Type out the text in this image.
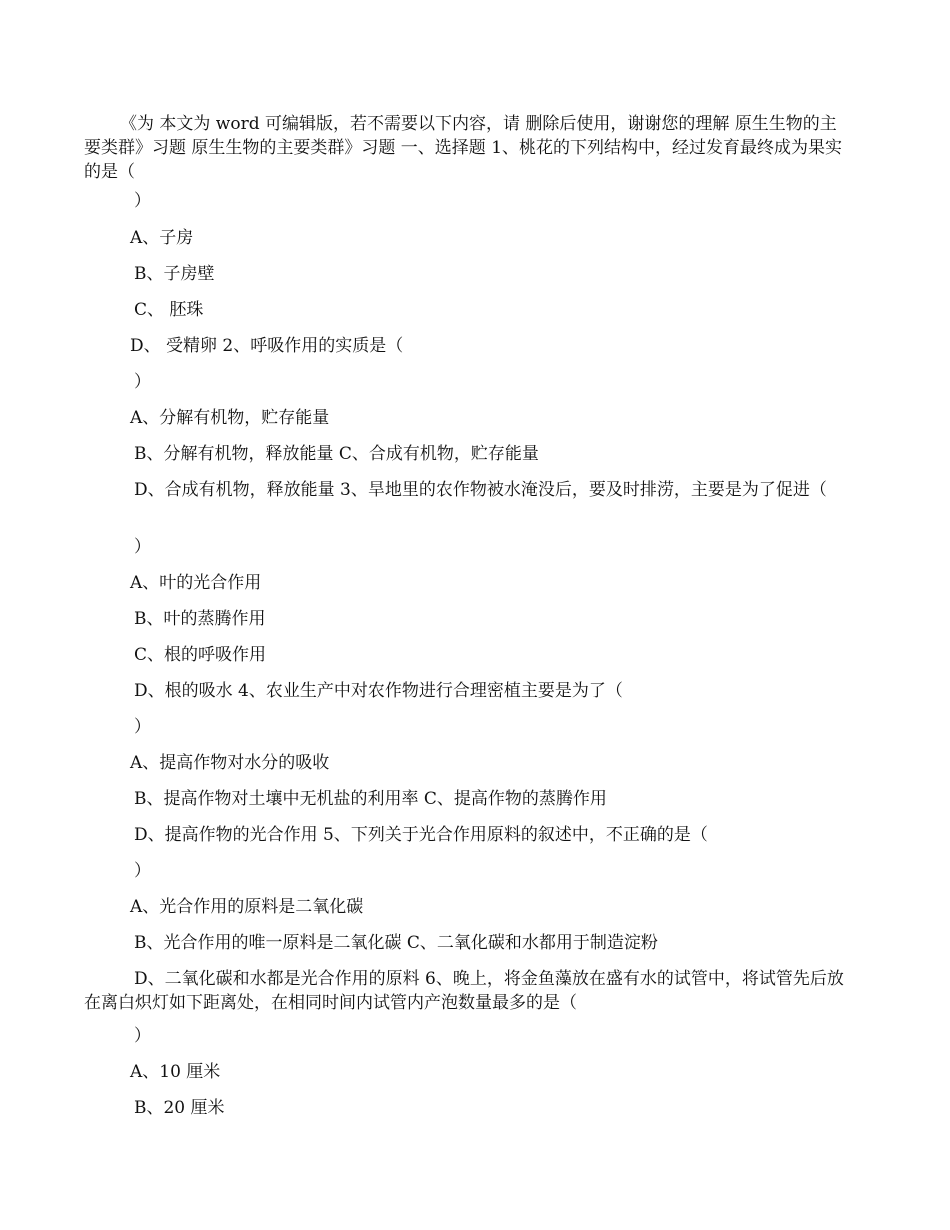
《为 本文为 word 可编辑版，若不需要以下内容，请 删除后使用，谢谢您的理解 原生生物的主要类群》习题 原生生物的主要类群》习题 一、选择题 1、桃花的下列结构中，经过发育最终成为果实的是（
）
A、子房
B、子房壁
C、 胚珠
D、 受精卵 2、呼吸作用的实质是（
）
A、分解有机物，贮存能量
B、分解有机物，释放能量 C、合成有机物，贮存能量
D、合成有机物，释放能量 3、旱地里的农作物被水淹没后，要及时排涝，主要是为了促进（
）
A、叶的光合作用
B、叶的蒸腾作用
C、根的呼吸作用
D、根的吸水 4、农业生产中对农作物进行合理密植主要是为了（
）
A、提高作物对水分的吸收
B、提高作物对土壤中无机盐的利用率 C、提高作物的蒸腾作用
D、提高作物的光合作用 5、下列关于光合作用原料的叙述中，不正确的是（
）
A、光合作用的原料是二氧化碳
B、光合作用的唯一原料是二氧化碳 C、二氧化碳和水都用于制造淀粉
D、二氧化碳和水都是光合作用的原料 6、晚上，将金鱼藻放在盛有水的试管中，将试管先后放在离白炽灯如下距离处，在相同时间内试管内产泡数量最多的是（
）
A、10 厘米
B、20 厘米
